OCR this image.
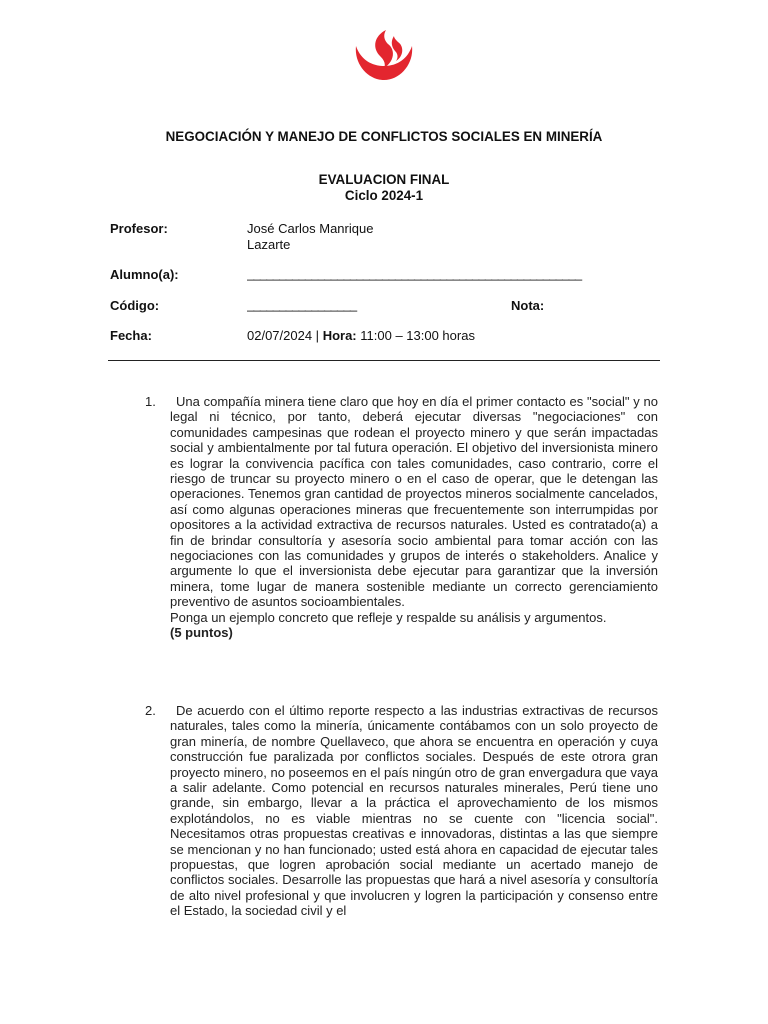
NEGOCIACIÓN Y MANEJO DE CONFLICTOS SOCIALES EN MINERÍA
EVALUACION FINAL
Ciclo 2024-1
Profesor:	José Carlos Manrique
Lazarte
Alumno(a):	____________________________________________________
Código:	_________________	Nota:
Fecha:	02/07/2024 | Hora: 11:00 – 13:00 horas
1.	Una compañía minera tiene claro que hoy en día el primer contacto es "social" y no legal ni técnico, por tanto, deberá ejecutar diversas "negociaciones" con comunidades campesinas que rodean el proyecto minero y que serán impactadas social y ambientalmente por tal futura operación. El objetivo del inversionista minero es lograr la convivencia pacífica con tales comunidades, caso contrario, corre el riesgo de truncar su proyecto minero o en el caso de operar, que le detengan las operaciones. Tenemos gran cantidad de proyectos mineros socialmente cancelados, así como algunas operaciones mineras que frecuentemente son interrumpidas por opositores a la actividad extractiva de recursos naturales. Usted es contratado(a) a fin de brindar consultoría y asesoría socio ambiental para tomar acción con las negociaciones con las comunidades y grupos de interés o stakeholders. Analice y argumente lo que el inversionista debe ejecutar para garantizar que la inversión minera, tome lugar de manera sostenible mediante un correcto gerenciamiento preventivo de asuntos socioambientales.

Ponga un ejemplo concreto que refleje y respalde su análisis y argumentos.

(5 puntos)

2.	De acuerdo con el último reporte respecto a las industrias extractivas de recursos naturales, tales como la minería, únicamente contábamos con un solo proyecto de gran minería, de nombre Quellaveco, que ahora se encuentra en operación y cuya construcción fue paralizada por conflictos sociales. Después de este otrora gran proyecto minero, no poseemos en el país ningún otro de gran envergadura que vaya a salir adelante. Como potencial en recursos naturales minerales, Perú tiene uno grande, sin embargo, llevar a la práctica el aprovechamiento de los mismos explotándolos, no es viable mientras no se cuente con "licencia social". Necesitamos otras propuestas creativas e innovadoras, distintas a las que siempre se mencionan y no han funcionado; usted está ahora en capacidad de ejecutar tales propuestas, que logren aprobación social mediante un acertado manejo de conflictos sociales. Desarrolle las propuestas que hará a nivel asesoría y consultoría de alto nivel profesional y que involucren y logren la participación y consenso entre el Estado, la sociedad civil y el
